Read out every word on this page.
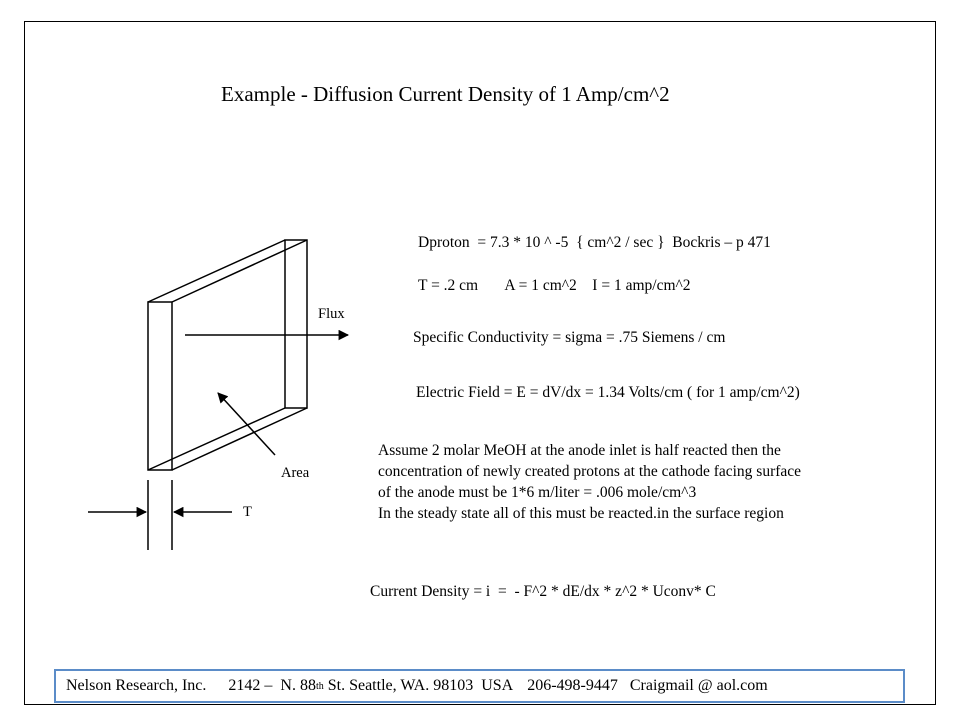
Example - Diffusion Current Density of 1 Amp/cm^2
Flux
Area
T
Dproton  = 7.3 * 10 ^ -5  { cm^2 / sec }  Bockris – p 471
T = .2 cm       A = 1 cm^2    I = 1 amp/cm^2
Specific Conductivity = sigma = .75 Siemens / cm
Electric Field = E = dV/dx = 1.34 Volts/cm ( for 1 amp/cm^2)
Assume 2 molar MeOH at the anode inlet is half reacted then the
concentration of newly created protons at the cathode facing surface
of the anode must be 1*6 m/liter = .006 mole/cm^3
In the steady state all of this must be reacted.in the surface region
Current Density = i  =  - F^2 * dE/dx * z^2 * Uconv* C
Nelson Research, Inc. 2142 –  N. 88 th St. Seattle, WA. 98103  USA 206-498-9447 Craigmail @ aol.com
